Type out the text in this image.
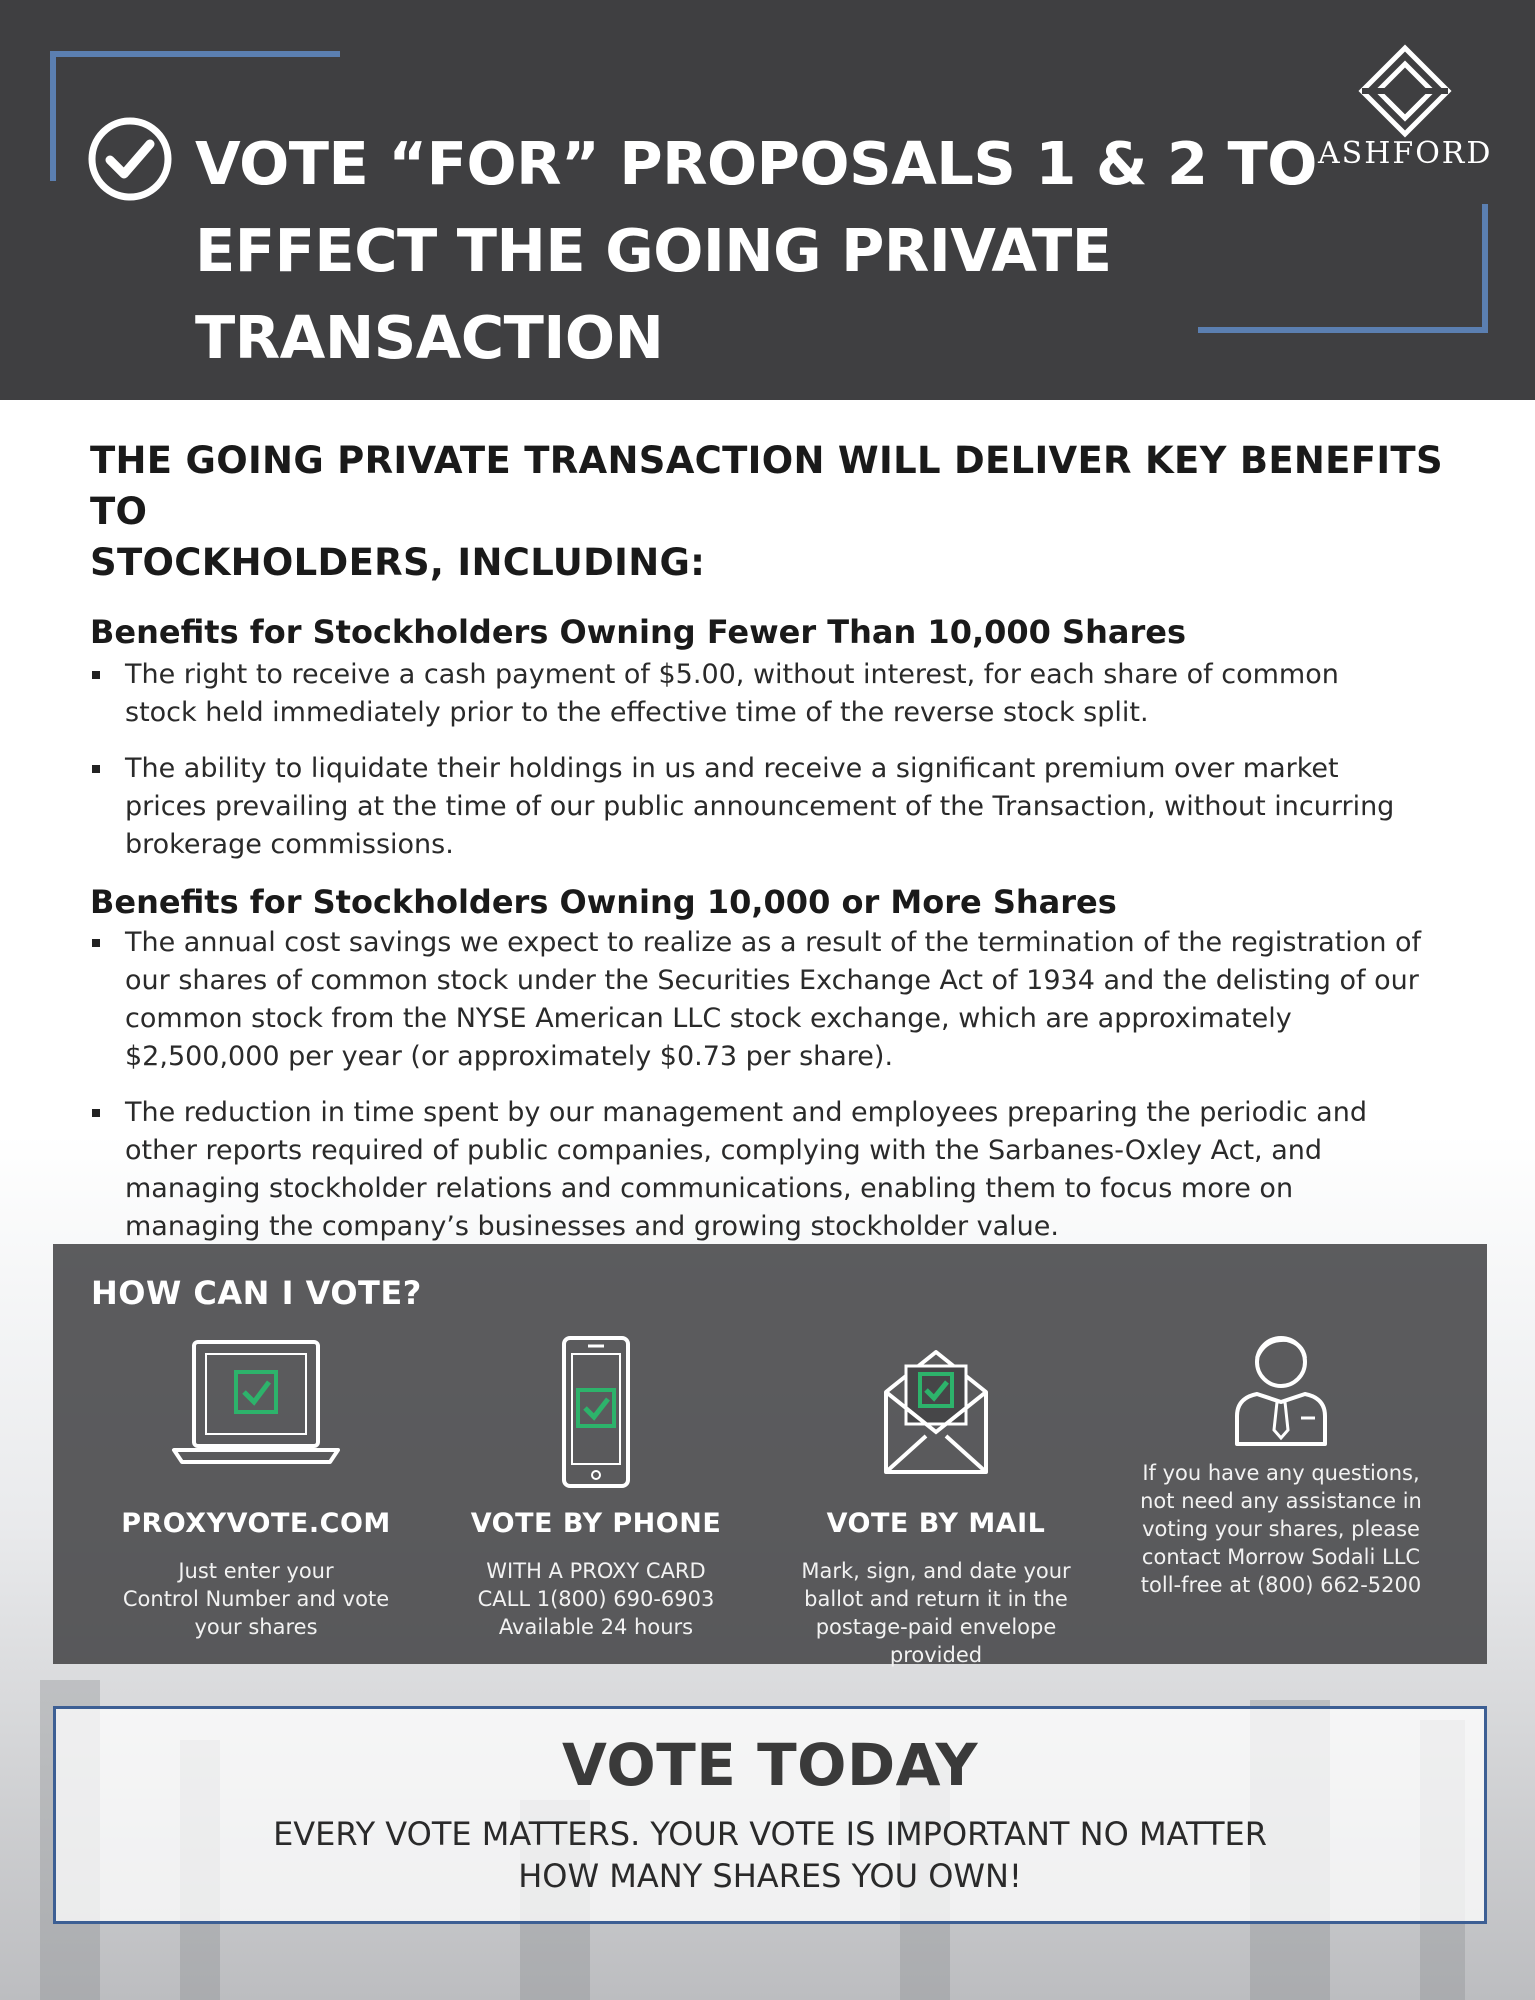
VOTE “FOR” PROPOSALS 1 & 2 TO
EFFECT THE GOING PRIVATE TRANSACTION
ASHFORD
THE GOING PRIVATE TRANSACTION WILL DELIVER KEY BENEFITS TO
STOCKHOLDERS, INCLUDING:
Benefits for Stockholders Owning Fewer Than 10,000 Shares
The right to receive a cash payment of $5.00, without interest, for each share of common stock held immediately prior to the effective time of the reverse stock split.
The ability to liquidate their holdings in us and receive a significant premium over market prices prevailing at the time of our public announcement of the Transaction, without incurring brokerage commissions.
Benefits for Stockholders Owning 10,000 or More Shares
The annual cost savings we expect to realize as a result of the termination of the registration of our shares of common stock under the Securities Exchange Act of 1934 and the delisting of our common stock from the NYSE American LLC stock exchange, which are approximately $2,500,000 per year (or approximately $0.73 per share).
The reduction in time spent by our management and employees preparing the periodic and other reports required of public companies, complying with the Sarbanes-Oxley Act, and managing stockholder relations and communications, enabling them to focus more on managing the company’s businesses and growing stockholder value.
HOW CAN I VOTE?
PROXYVOTE.COM
Just enter your
Control Number and vote
your shares
VOTE BY PHONE
WITH A PROXY CARD
CALL 1(800) 690-6903
Available 24 hours
VOTE BY MAIL
Mark, sign, and date your
ballot and return it in the
postage-paid envelope
provided
If you have any questions,
not need any assistance in
voting your shares, please
contact Morrow Sodali LLC
toll-free at (800) 662-5200
VOTE TODAY
EVERY VOTE MATTERS. YOUR VOTE IS IMPORTANT NO MATTER
HOW MANY SHARES YOU OWN!
